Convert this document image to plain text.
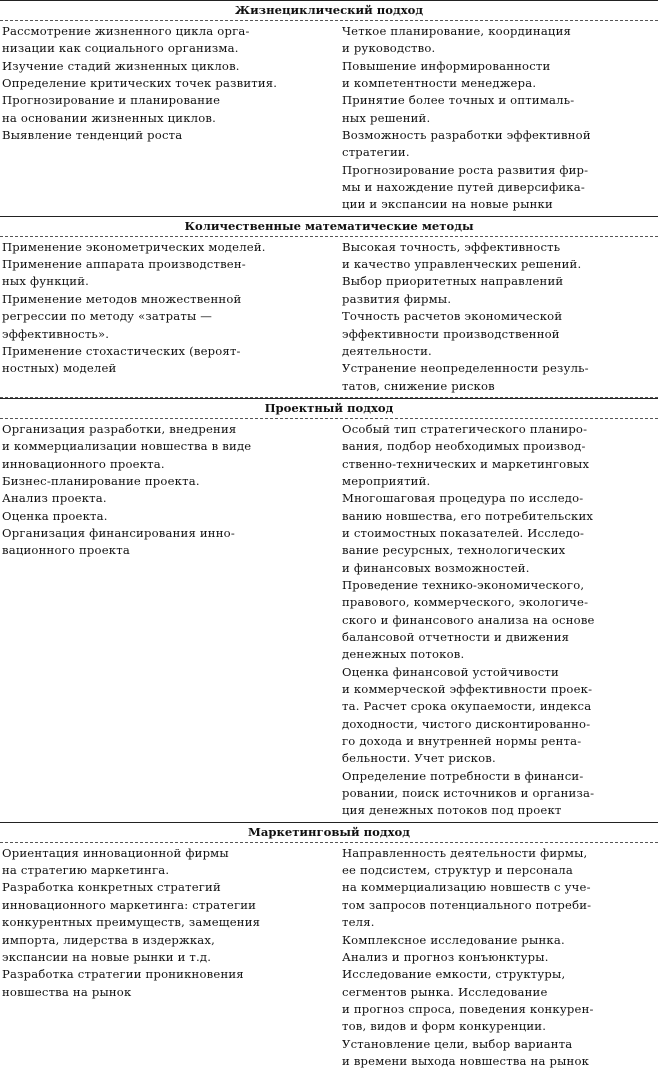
Жизнециклический подход
Рассмотрение жизненного цикла орга-
низации как социального организма.
Изучение стадий жизненных циклов.
Определение критических точек развития.
Прогнозирование и планирование
на основании жизненных циклов.
Выявление тенденций роста
Четкое планирование, координация
и руководство.
Повышение информированности
и компетентности менеджера.
Принятие более точных и оптималь-
ных решений.
Возможность разработки эффективной
стратегии.
Прогнозирование роста развития фир-
мы и нахождение путей диверсифика-
ции и экспансии на новые рынки
Количественные математические методы
Применение эконометрических моделей.
Применение аппарата производствен-
ных функций.
Применение методов множественной
регрессии по методу «затраты —
эффективность».
Применение стохастических (вероят-
ностных) моделей
Высокая точность, эффективность
и качество управленческих решений.
Выбор приоритетных направлений
развития фирмы.
Точность расчетов экономической
эффективности производственной
деятельности.
Устранение неопределенности резуль-
татов, снижение рисков
Проектный подход
Организация разработки, внедрения
и коммерциализации новшества в виде
инновационного проекта.
Бизнес-планирование проекта.
Анализ проекта.
Оценка проекта.
Организация финансирования инно-
вационного проекта
Особый тип стратегического планиро-
вания, подбор необходимых производ-
ственно-технических и маркетинговых
мероприятий.
Многошаговая процедура по исследо-
ванию новшества, его потребительских
и стоимостных показателей. Исследо-
вание ресурсных, технологических
и финансовых возможностей.
Проведение технико-экономического,
правового, коммерческого, экологиче-
ского и финансового анализа на основе
балансовой отчетности и движения
денежных потоков.
Оценка финансовой устойчивости
и коммерческой эффективности проек-
та. Расчет срока окупаемости, индекса
доходности, чистого дисконтированно-
го дохода и внутренней нормы рента-
бельности. Учет рисков.
Определение потребности в финанси-
ровании, поиск источников и организа-
ция денежных потоков под проект
Маркетинговый подход
Ориентация инновационной фирмы
на стратегию маркетинга.
Разработка конкретных стратегий
инновационного маркетинга: стратегии
конкурентных преимуществ, замещения
импорта, лидерства в издержках,
экспансии на новые рынки и т.д.
Разработка стратегии проникновения
новшества на рынок
Направленность деятельности фирмы,
ее подсистем, структур и персонала
на коммерциализацию новшеств с уче-
том запросов потенциального потреби-
теля.
Комплексное исследование рынка.
Анализ и прогноз конъюнктуры.
Исследование емкости, структуры,
сегментов рынка. Исследование
и прогноз спроса, поведения конкурен-
тов, видов и форм конкуренции.
Установление цели, выбор варианта
и времени выхода новшества на рынок
